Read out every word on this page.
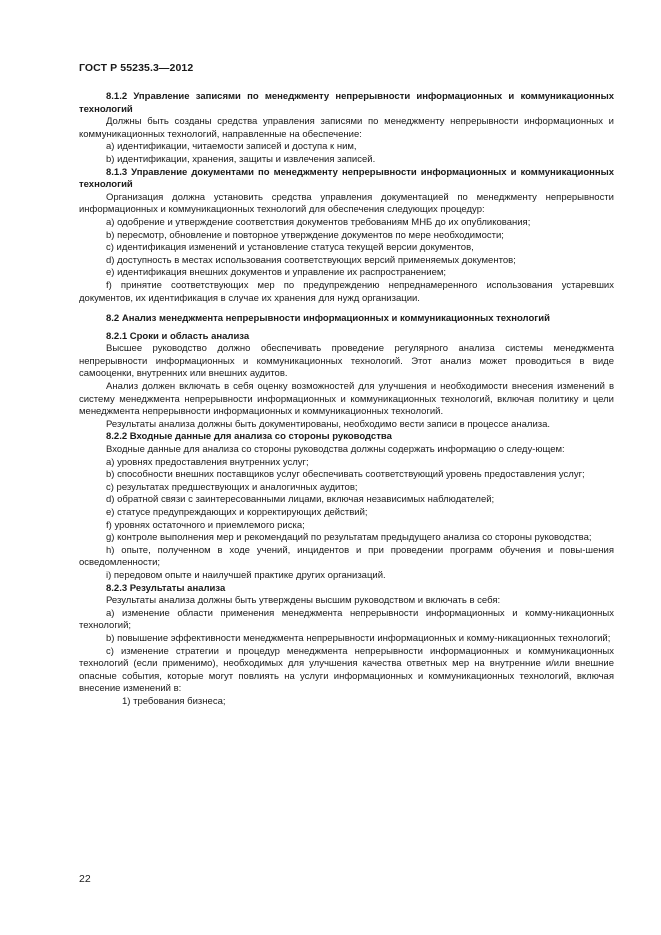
ГОСТ Р 55235.3—2012

8.1.2 Управление записями по менеджменту непрерывности информационных и коммуникационных технологий

Должны быть созданы средства управления записями по менеджменту непрерывности информационных и коммуникационных технологий, направленные на обеспечение:

a) идентификации, читаемости записей и доступа к ним,

b) идентификации, хранения, защиты и извлечения записей.

8.1.3 Управление документами по менеджменту непрерывности информационных и коммуникационных технологий

Организация должна установить средства управления документацией по менеджменту непрерывности информационных и коммуникационных технологий для обеспечения следующих процедур:

a) одобрение и утверждение соответствия документов требованиям МНБ до их опубликования;

b) пересмотр, обновление и повторное утверждение документов по мере необходимости;

c) идентификация изменений и установление статуса текущей версии документов,

d) доступность в местах использования соответствующих версий применяемых документов;

e) идентификация внешних документов и управление их распространением;

f) принятие соответствующих мер по предупреждению непреднамеренного использования устаревших документов, их идентификация в случае их хранения для нужд организации.

8.2 Анализ менеджмента непрерывности информационных и коммуникационных технологий

8.2.1 Сроки и область анализа

Высшее руководство должно обеспечивать проведение регулярного анализа системы менеджмента непрерывности информационных и коммуникационных технологий. Этот анализ может проводиться в виде самооценки, внутренних или внешних аудитов.

Анализ должен включать в себя оценку возможностей для улучшения и необходимости внесения изменений в систему менеджмента непрерывности информационных и коммуникационных технологий, включая политику и цели менеджмента непрерывности информационных и коммуникационных технологий.

Результаты анализа должны быть документированы, необходимо вести записи в процессе анализа.

8.2.2 Входные данные для анализа со стороны руководства

Входные данные для анализа со стороны руководства должны содержать информацию о следу-ющем:

a) уровнях предоставления внутренних услуг;

b) способности внешних поставщиков услуг обеспечивать соответствующий уровень предоставления услуг;

c) результатах предшествующих и аналогичных аудитов;

d) обратной связи с заинтересованными лицами, включая независимых наблюдателей;

e) статусе предупреждающих и корректирующих действий;

f) уровнях остаточного и приемлемого риска;

g) контроле выполнения мер и рекомендаций по результатам предыдущего анализа со стороны руководства;

h) опыте, полученном в ходе учений, инцидентов и при проведении программ обучения и повы-шения осведомленности;

i) передовом опыте и наилучшей практике других организаций.

8.2.3 Результаты анализа

Результаты анализа должны быть утверждены высшим руководством и включать в себя:

a) изменение области применения менеджмента непрерывности информационных и комму-никационных технологий;

b) повышение эффективности менеджмента непрерывности информационных и комму-никационных технологий;

c) изменение стратегии и процедур менеджмента непрерывности информационных и коммуникационных технологий (если применимо), необходимых для улучшения качества ответных мер на внутренние и/или внешние опасные события, которые могут повлиять на услуги информационных и коммуникационных технологий, включая внесение изменений в:

1) требования бизнеса;

22
